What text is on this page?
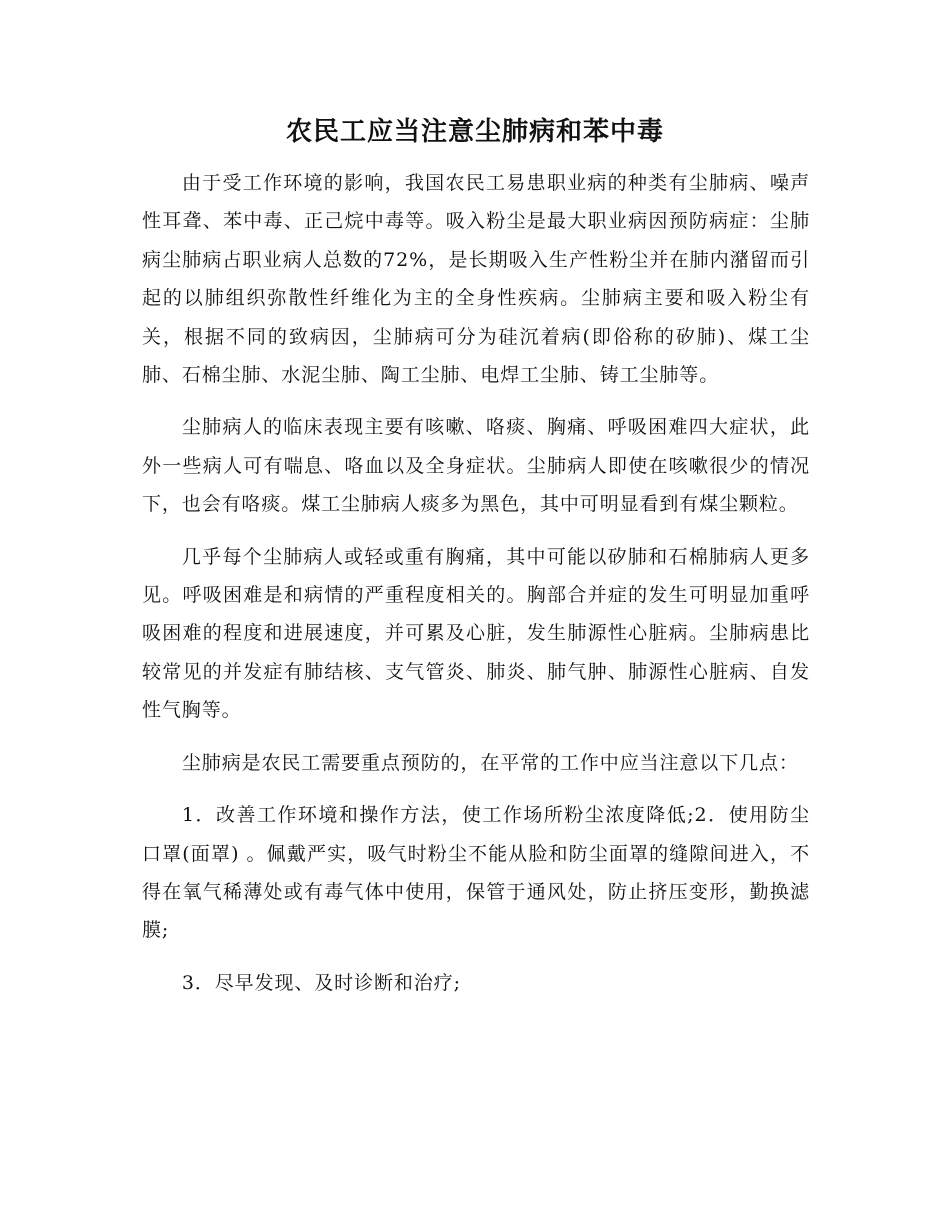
农民工应当注意尘肺病和苯中毒

由于受工作环境的影响，我国农民工易患职业病的种类有尘肺病、噪声性耳聋、苯中毒、正己烷中毒等。吸入粉尘是最大职业病因预防病症：尘肺病尘肺病占职业病人总数的72%，是长期吸入生产性粉尘并在肺内潴留而引起的以肺组织弥散性纤维化为主的全身性疾病。尘肺病主要和吸入粉尘有关，根据不同的致病因，尘肺病可分为硅沉着病(即俗称的矽肺)、煤工尘肺、石棉尘肺、水泥尘肺、陶工尘肺、电焊工尘肺、铸工尘肺等。

尘肺病人的临床表现主要有咳嗽、咯痰、胸痛、呼吸困难四大症状，此外一些病人可有喘息、咯血以及全身症状。尘肺病人即使在咳嗽很少的情况下，也会有咯痰。煤工尘肺病人痰多为黑色，其中可明显看到有煤尘颗粒。

几乎每个尘肺病人或轻或重有胸痛，其中可能以矽肺和石棉肺病人更多见。呼吸困难是和病情的严重程度相关的。胸部合并症的发生可明显加重呼吸困难的程度和进展速度，并可累及心脏，发生肺源性心脏病。尘肺病患比较常见的并发症有肺结核、支气管炎、肺炎、肺气肿、肺源性心脏病、自发性气胸等。

尘肺病是农民工需要重点预防的，在平常的工作中应当注意以下几点：

1．改善工作环境和操作方法，使工作场所粉尘浓度降低;2．使用防尘口罩(面罩) 。佩戴严实，吸气时粉尘不能从脸和防尘面罩的缝隙间进入，不得在氧气稀薄处或有毒气体中使用，保管于通风处，防止挤压变形，勤换滤膜;

3．尽早发现、及时诊断和治疗;
